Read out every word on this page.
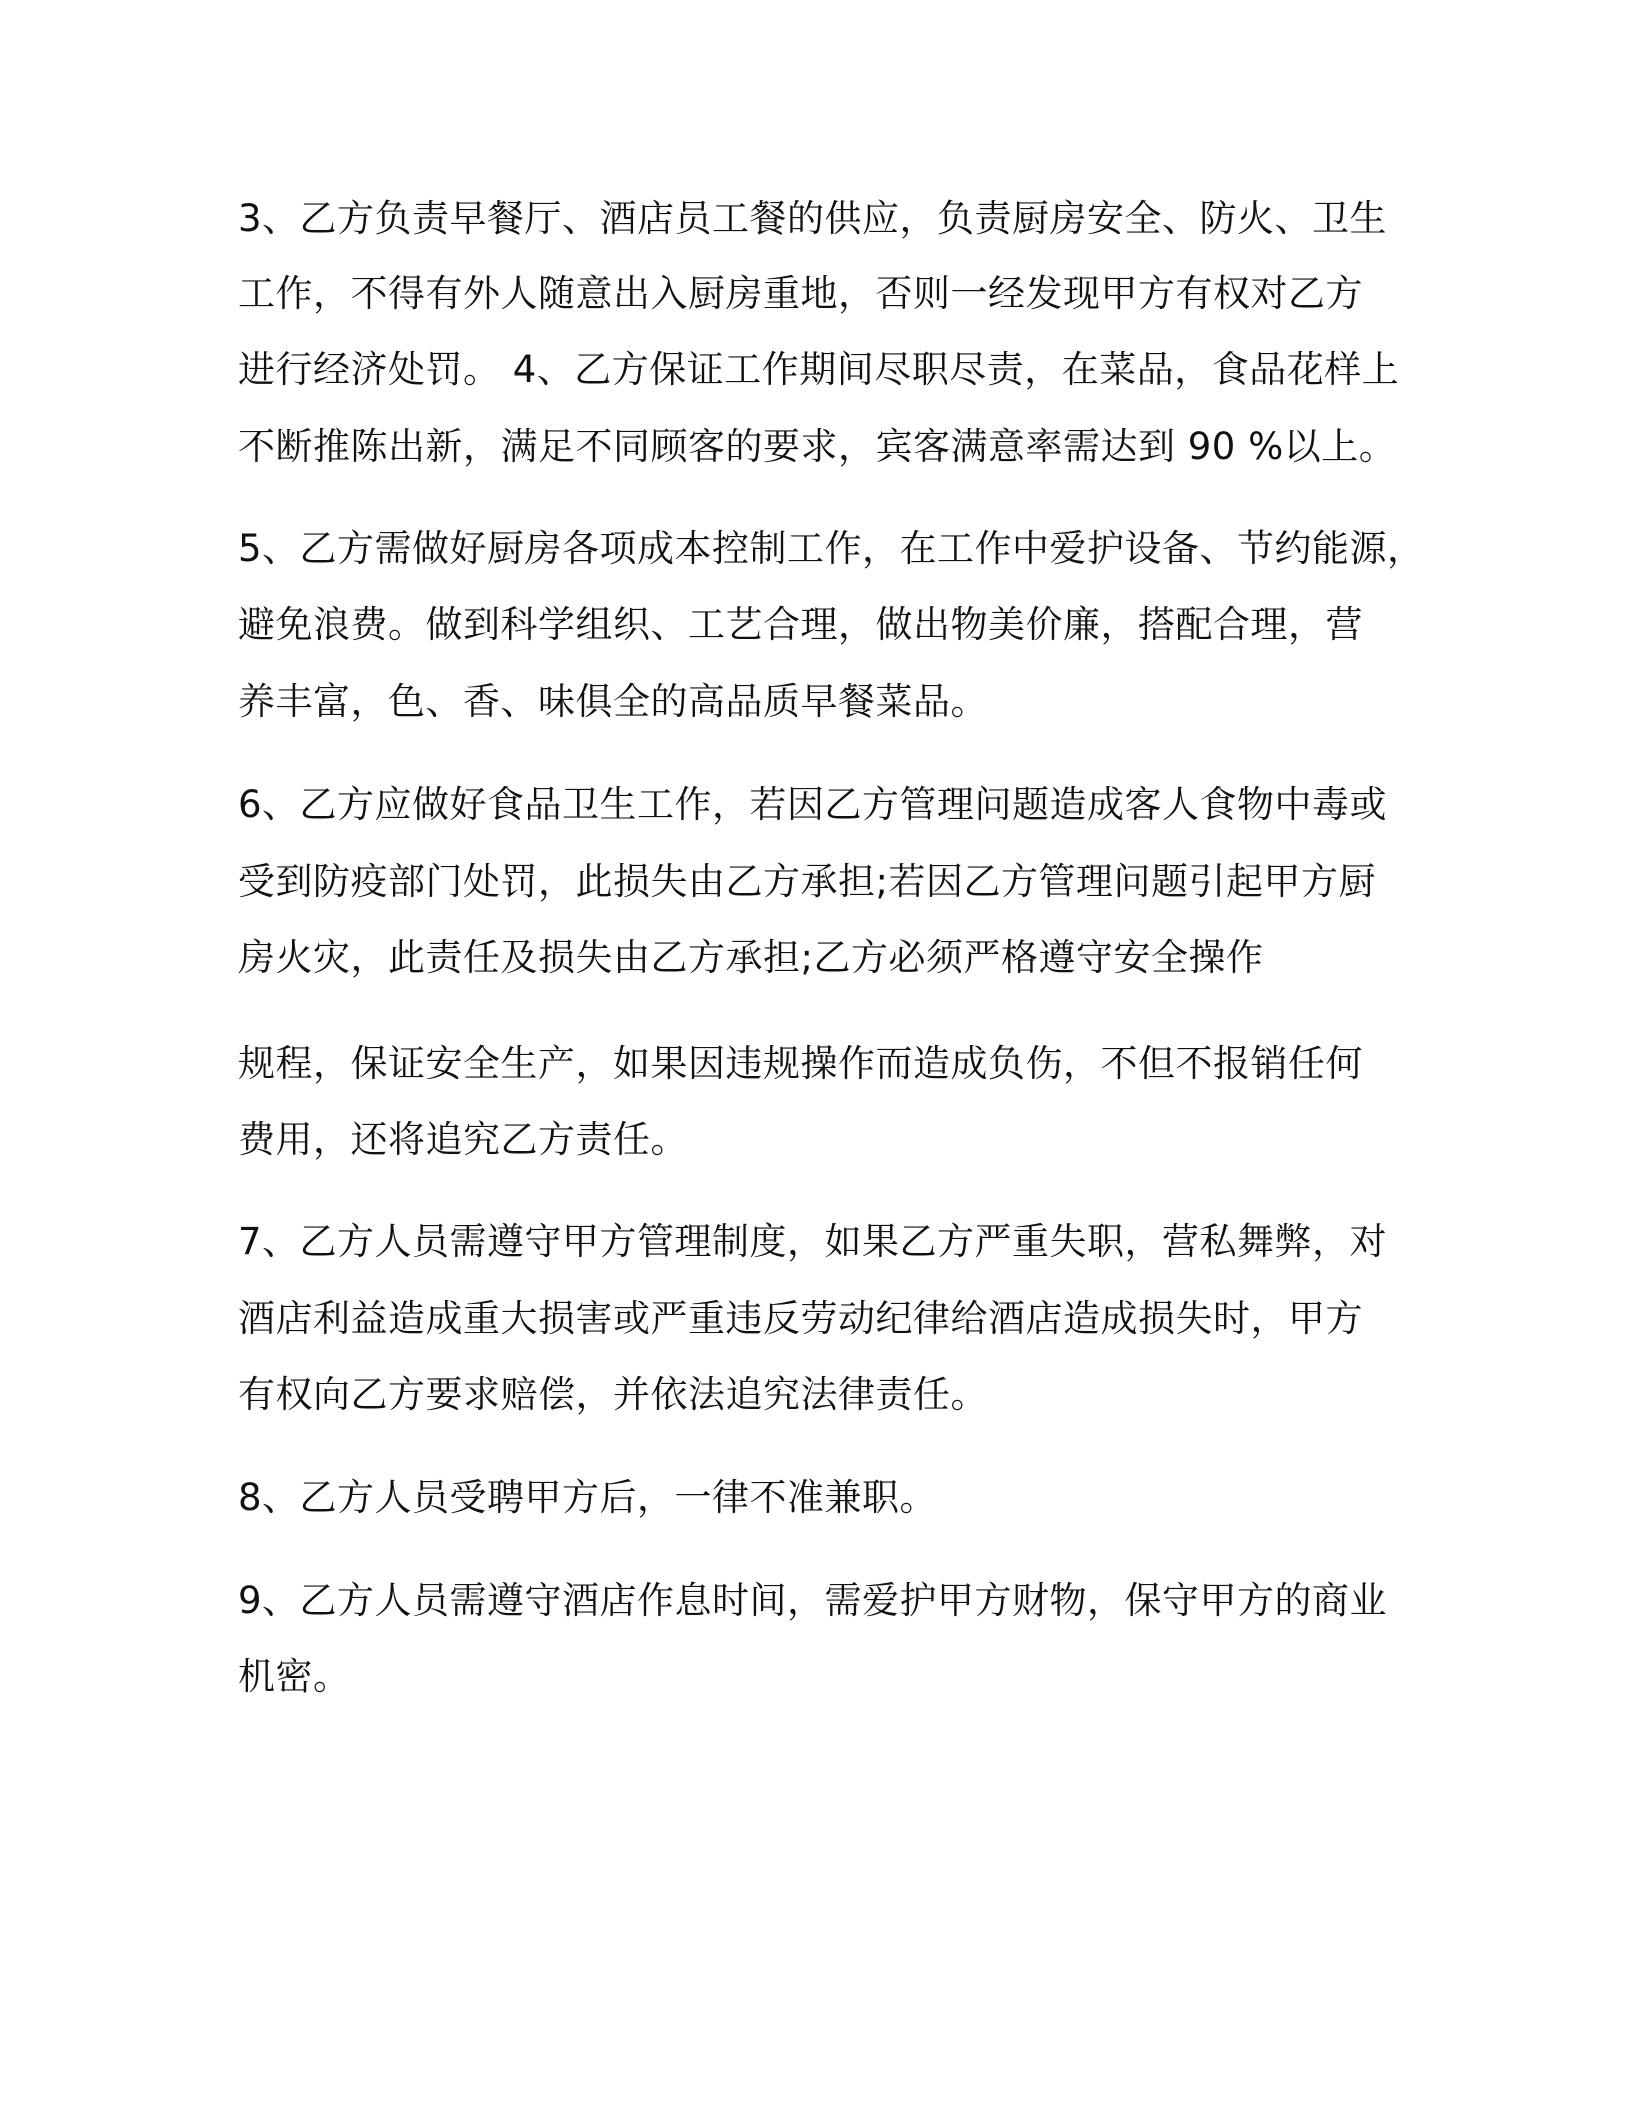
3、乙方负责早餐厅、酒店员工餐的供应，负责厨房安全、防火、卫生
工作，不得有外人随意出入厨房重地，否则一经发现甲方有权对乙方
进行经济处罚。 4、乙方保证工作期间尽职尽责，在菜品，食品花样上
不断推陈出新，满足不同顾客的要求，宾客满意率需达到 90 %以上。
5、乙方需做好厨房各项成本控制工作，在工作中爱护设备、节约能源，
避免浪费。做到科学组织、工艺合理，做出物美价廉，搭配合理，营
养丰富，色、香、味俱全的高品质早餐菜品。
6、乙方应做好食品卫生工作，若因乙方管理问题造成客人食物中毒或
受到防疫部门处罚，此损失由乙方承担;若因乙方管理问题引起甲方厨
房火灾，此责任及损失由乙方承担;乙方必须严格遵守安全操作
规程，保证安全生产，如果因违规操作而造成负伤，不但不报销任何
费用，还将追究乙方责任。
7、乙方人员需遵守甲方管理制度，如果乙方严重失职，营私舞弊，对
酒店利益造成重大损害或严重违反劳动纪律给酒店造成损失时，甲方
有权向乙方要求赔偿，并依法追究法律责任。
8、乙方人员受聘甲方后，一律不准兼职。
9、乙方人员需遵守酒店作息时间，需爱护甲方财物，保守甲方的商业
机密。
